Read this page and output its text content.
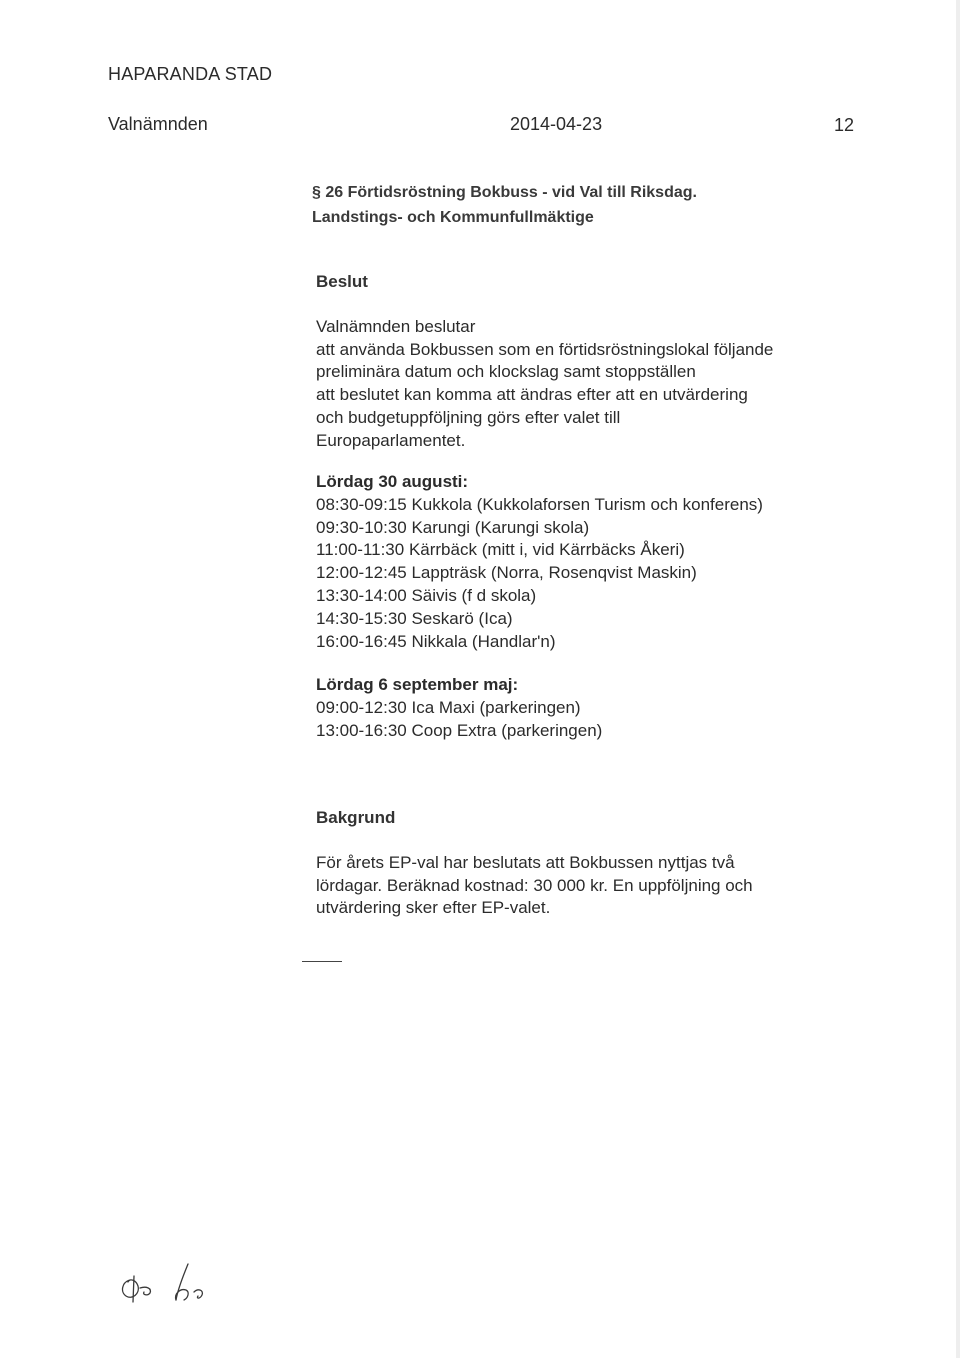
HAPARANDA STAD
Valnämnden	2014-04-23	12
§ 26 Förtidsröstning Bokbuss - vid Val till Riksdag.
Landstings- och Kommunfullmäktige
Beslut
Valnämnden beslutar
att använda Bokbussen som en förtidsröstningslokal följande
preliminära datum och klockslag samt stoppställen
att beslutet kan komma att ändras efter att en utvärdering
och budgetuppföljning görs efter valet till
Europaparlamentet.
Lördag 30 augusti:
08:30-09:15 Kukkola (Kukkolaforsen Turism och konferens)
09:30-10:30 Karungi (Karungi skola)
11:00-11:30 Kärrbäck (mitt i, vid Kärrbäcks Åkeri)
12:00-12:45 Lappträsk (Norra, Rosenqvist Maskin)
13:30-14:00 Säivis (f d skola)
14:30-15:30 Seskarö (Ica)
16:00-16:45 Nikkala (Handlar'n)
Lördag 6 september maj:
09:00-12:30 Ica Maxi (parkeringen)
13:00-16:30 Coop Extra (parkeringen)
Bakgrund
För årets EP-val har beslutats att Bokbussen nyttjas två
lördagar. Beräknad kostnad: 30 000 kr. En uppföljning och
utvärdering sker efter EP-valet.
